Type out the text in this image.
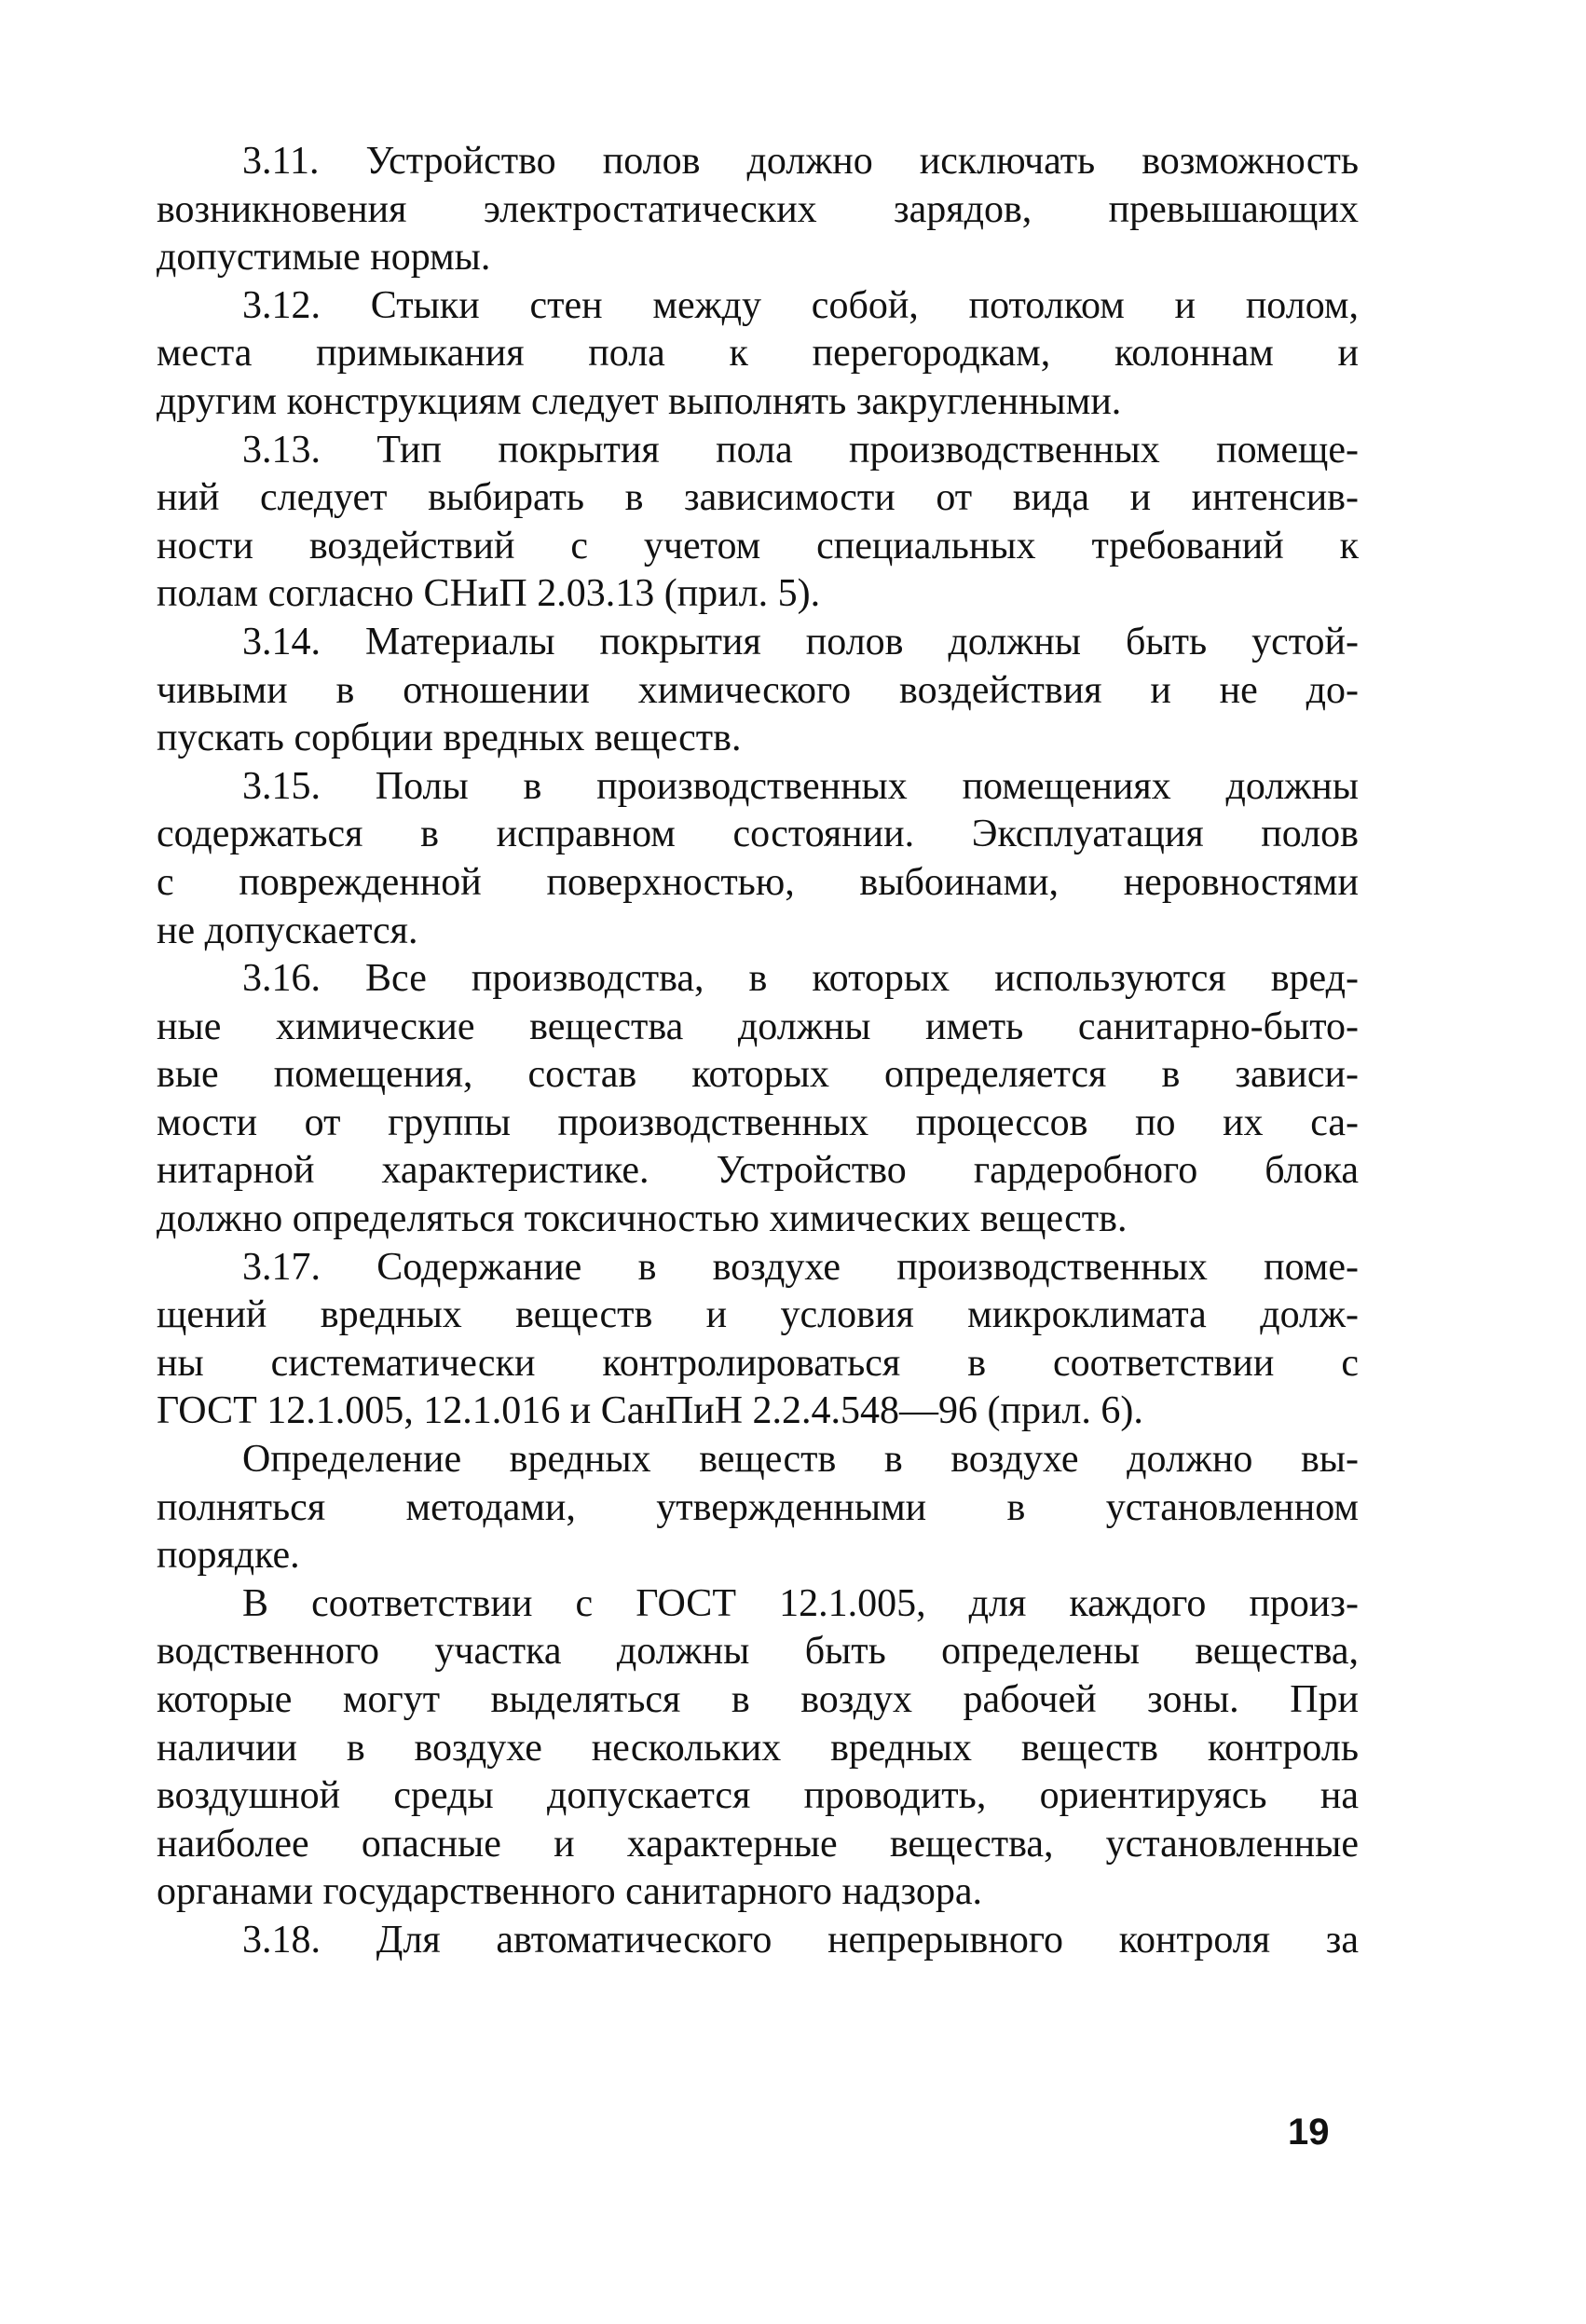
3.11. Устройство полов должно исключать возможность
возникновения электростатических зарядов, превышающих
допустимые нормы.
3.12. Стыки стен между собой, потолком и полом,
места примыкания пола к перегородкам, колоннам и
другим конструкциям следует выполнять закругленными.
3.13. Тип покрытия пола производственных помеще-
ний следует выбирать в зависимости от вида и интенсив-
ности воздействий с учетом специальных требований к
полам согласно СНиП 2.03.13 (прил. 5).
3.14. Материалы покрытия полов должны быть устой-
чивыми в отношении химического воздействия и не до-
пускать сорбции вредных веществ.
3.15. Полы в производственных помещениях должны
содержаться в исправном состоянии. Эксплуатация полов
с поврежденной поверхностью, выбоинами, неровностями
не допускается.
3.16. Все производства, в которых используются вред-
ные химические вещества должны иметь санитарно-быто-
вые помещения, состав которых определяется в зависи-
мости от группы производственных процессов по их са-
нитарной характеристике. Устройство гардеробного блока
должно определяться токсичностью химических веществ.
3.17. Содержание в воздухе производственных поме-
щений вредных веществ и условия микроклимата долж-
ны систематически контролироваться в соответствии с
ГОСТ 12.1.005, 12.1.016 и СанПиН 2.2.4.548—96 (прил. 6).
Определение вредных веществ в воздухе должно вы-
полняться методами, утвержденными в установленном
порядке.
В соответствии с ГОСТ 12.1.005, для каждого произ-
водственного участка должны быть определены вещества,
которые могут выделяться в воздух рабочей зоны. При
наличии в воздухе нескольких вредных веществ контроль
воздушной среды допускается проводить, ориентируясь на
наиболее опасные и характерные вещества, установленные
органами государственного санитарного надзора.
3.18. Для автоматического непрерывного контроля за
19
